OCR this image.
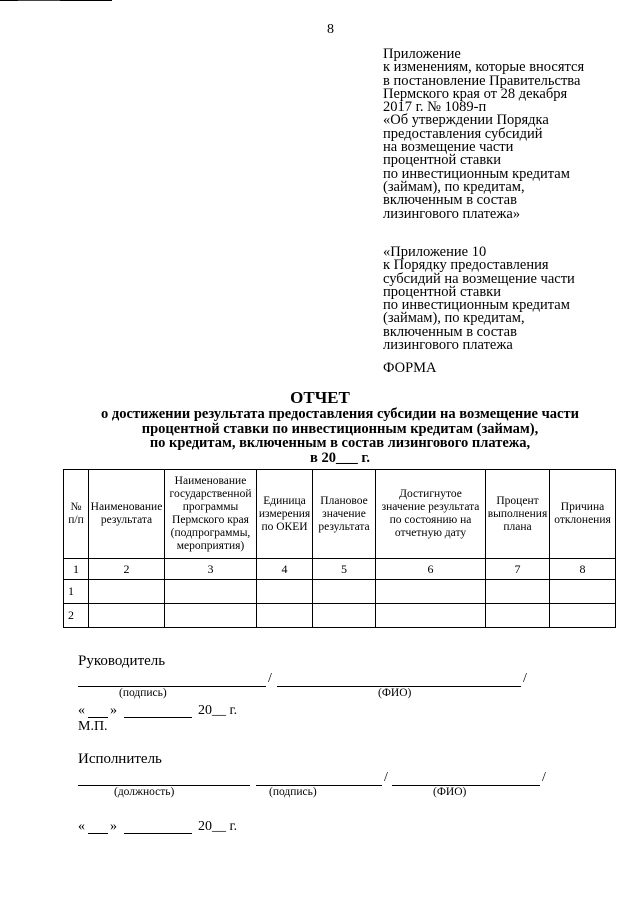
8
Приложение
к изменениям, которые вносятся
в постановление Правительства
Пермского края от 28 декабря
2017 г. № 1089-п
«Об утверждении Порядка
предоставления субсидий
на возмещение части
процентной ставки
по инвестиционным кредитам
(займам), по кредитам,
включенным в состав
лизингового платежа»
«Приложение 10
к Порядку предоставления
субсидий на возмещение части
процентной ставки
по инвестиционным кредитам
(займам), по кредитам,
включенным в состав
лизингового платежа
ФОРМА
ОТЧЕТ
о достижении результата предоставления субсидии на возмещение части
процентной ставки по инвестиционным кредитам (займам),
по кредитам, включенным в состав лизингового платежа,
в 20___ г.
№ п/п	Наименование результата	Наименование государственной программы Пермского края (подпрограммы, мероприятия)	Единица измерения по ОКЕИ	Плановое значение результата	Достигнутое значение результата по состоянию на отчетную дату	Процент выполнения плана	Причина отклонения
1	2	3	4	5	6	7	8
1							
2							
Руководитель
/	/
(подпись)	(ФИО)
« »	20__ г.
М.П.
Исполнитель
/	/
(должность)	(подпись)	(ФИО)
« »	20__ г.
